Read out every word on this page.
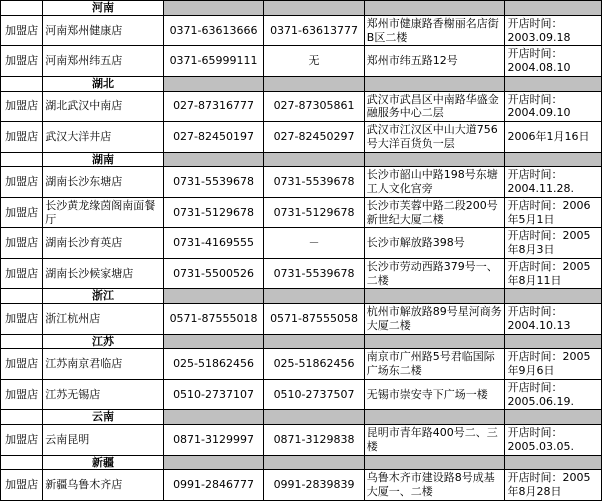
	河南				
加盟店	河南郑州健康店	0371-63613666	0371-63613777	郑州市健康路香榭丽名店街B区二楼	开店时间：2003.09.18
加盟店	河南郑州纬五店	0371-65999111	无	郑州市纬五路12号	开店时间：2004.08.10
	湖北				
加盟店	湖北武汉中南店	027-87316777	027-87305861	武汉市武昌区中南路华盛金融服务中心二层	开店时间：2004.09.10
加盟店	武汉大洋井店	027-82450197	027-82450297	武汉市江汉区中山大道756号大洋百货负一层	2006年1月16日
	湖南				
加盟店	湖南长沙东塘店	0731-5539678	0731-5539678	长沙市韶山中路198号东塘工人文化宫旁	开店时间：2004.11.28.
加盟店	长沙黄龙缘茵阁南面餐厅	0731-5129678	0731-5129678	长沙市芙蓉中路二段200号新世纪大厦二楼	开店时间：2006年5月1日
加盟店	湖南长沙育英店	0731-4169555	－	长沙市解放路398号	开店时间：2005年8月3日
加盟店	湖南长沙候家塘店	0731-5500526	0731-5539678	长沙市劳动西路379号一、二楼	开店时间：2005年8月11日
	浙江				
加盟店	浙江杭州店	0571-87555018	0571-87555058	杭州市解放路89号星河商务大厦二楼	开店时间：2004.10.13
	江苏				
加盟店	江苏南京君临店	025-51862456	025-51862456	南京市广州路5号君临国际广场东二楼	开店时间：2005年9月6日
加盟店	江苏无锡店	0510-2737107	0510-2737507	无锡市崇安寺下广场一楼	开店时间：2005.06.19.
	云南				
加盟店	云南昆明	0871-3129997	0871-3129838	昆明市青年路400号二、三楼	开店时间：2005.03.05.
	新疆				
加盟店	新疆乌鲁木齐店	0991-2846777	0991-2839839	乌鲁木齐市建设路8号成基大厦一、二楼	开店时间：2005年8月28日
